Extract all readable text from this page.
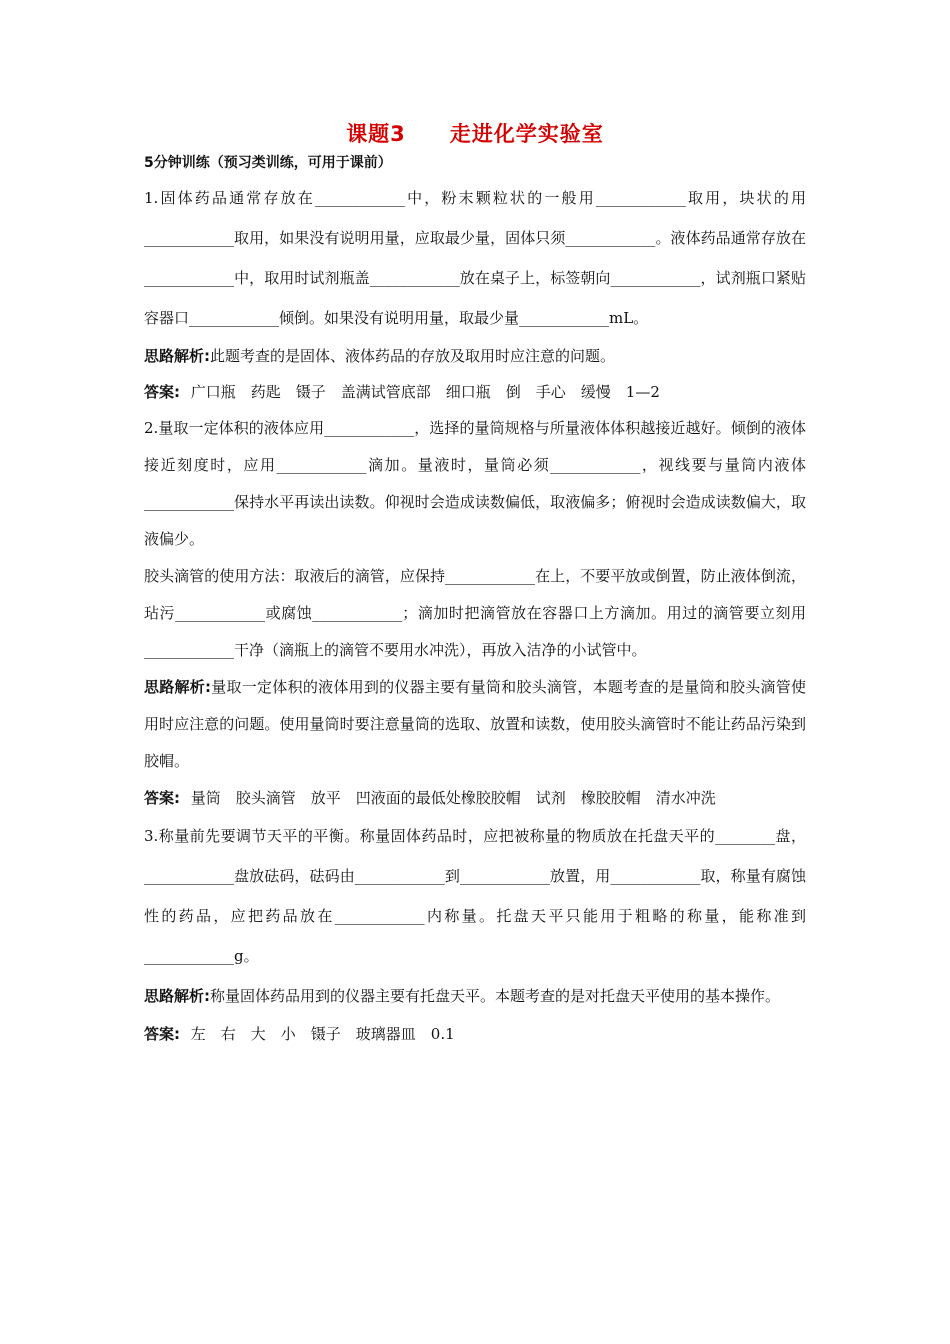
课题3　　走进化学实验室
5分钟训练（预习类训练，可用于课前）

1.固体药品通常存放在____________中，粉末颗粒状的一般用____________取用，块状的用____________取用，如果没有说明用量，应取最少量，固体只须____________。液体药品通常存放在____________中，取用时试剂瓶盖____________放在桌子上，标签朝向____________，试剂瓶口紧贴容器口____________倾倒。如果没有说明用量，取最少量____________mL。

思路解析:此题考查的是固体、液体药品的存放及取用时应注意的问题。

答案: 广口瓶　药匙　镊子　盖满试管底部　细口瓶　倒　手心　缓慢　1—2

2.量取一定体积的液体应用____________，选择的量筒规格与所量液体体积越接近越好。倾倒的液体接近刻度时，应用____________滴加。量液时，量筒必须____________，视线要与量筒内液体____________保持水平再读出读数。仰视时会造成读数偏低，取液偏多；俯视时会造成读数偏大，取液偏少。

胶头滴管的使用方法：取液后的滴管，应保持____________在上，不要平放或倒置，防止液体倒流，玷污____________或腐蚀____________；滴加时把滴管放在容器口上方滴加。用过的滴管要立刻用____________干净（滴瓶上的滴管不要用水冲洗），再放入洁净的小试管中。

思路解析:量取一定体积的液体用到的仪器主要有量筒和胶头滴管，本题考查的是量筒和胶头滴管使用时应注意的问题。使用量筒时要注意量筒的选取、放置和读数，使用胶头滴管时不能让药品污染到胶帽。

答案: 量筒　胶头滴管　放平　凹液面的最低处橡胶胶帽　试剂　橡胶胶帽　清水冲洗

3.称量前先要调节天平的平衡。称量固体药品时，应把被称量的物质放在托盘天平的________盘，____________盘放砝码，砝码由____________到____________放置，用____________取，称量有腐蚀性的药品，应把药品放在____________内称量。托盘天平只能用于粗略的称量，能称准到____________g。

思路解析:称量固体药品用到的仪器主要有托盘天平。本题考查的是对托盘天平使用的基本操作。

答案: 左　右　大　小　镊子　玻璃器皿　0.1
